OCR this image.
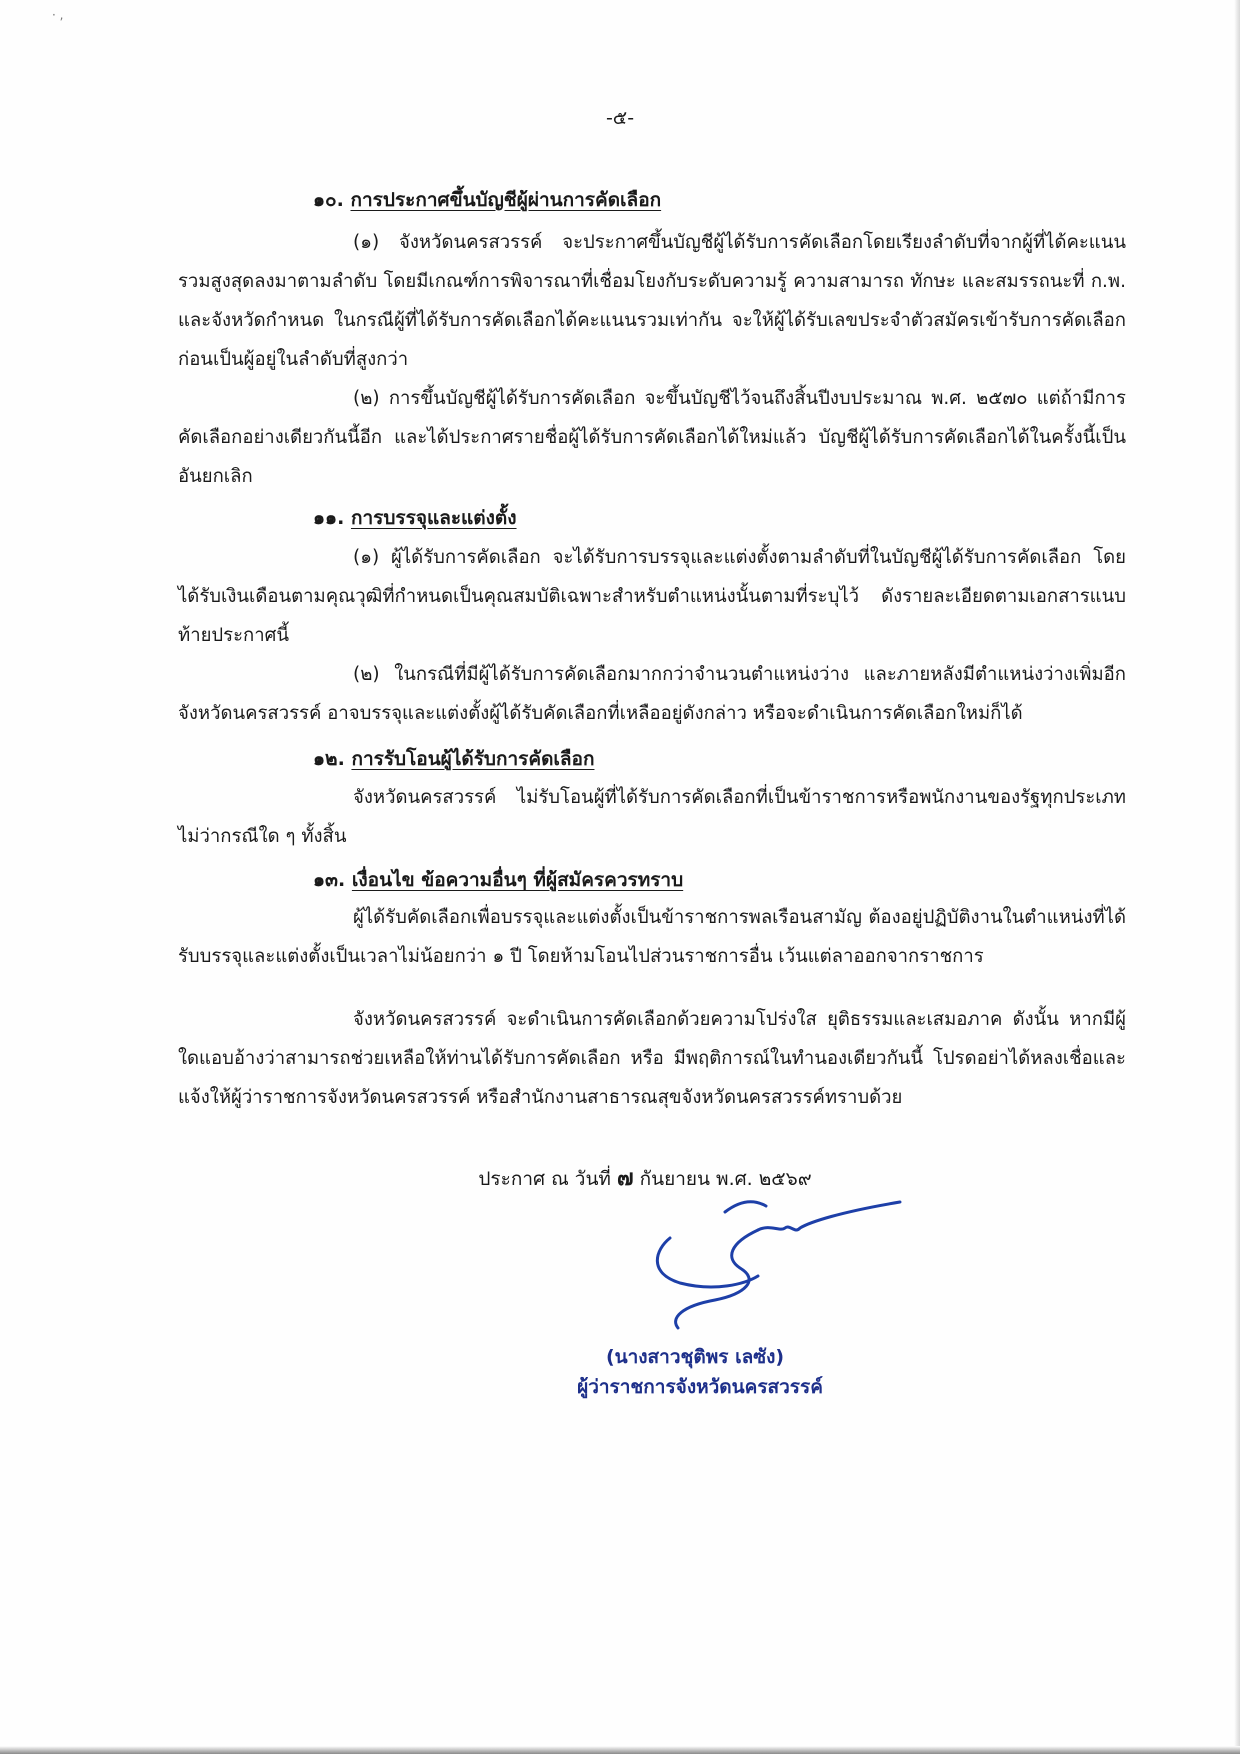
· ,
-๕-
๑๐. การประกาศขึ้นบัญชีผู้ผ่านการคัดเลือก

(๑) จังหวัดนครสวรรค์ จะประกาศขึ้นบัญชีผู้ได้รับการคัดเลือกโดยเรียงลำดับที่จากผู้ที่ได้คะแนนรวมสูงสุดลงมาตามลำดับ โดยมีเกณฑ์การพิจารณาที่เชื่อมโยงกับระดับความรู้ ความสามารถ ทักษะ และสมรรถนะที่ ก.พ. และจังหวัดกำหนด ในกรณีผู้ที่ได้รับการคัดเลือกได้คะแนนรวมเท่ากัน จะให้ผู้ได้รับเลขประจำตัวสมัครเข้ารับการคัดเลือกก่อนเป็นผู้อยู่ในลำดับที่สูงกว่า

(๒) การขึ้นบัญชีผู้ได้รับการคัดเลือก จะขึ้นบัญชีไว้จนถึงสิ้นปีงบประมาณ พ.ศ. ๒๕๗๐ แต่ถ้ามีการคัดเลือกอย่างเดียวกันนี้อีก และได้ประกาศรายชื่อผู้ได้รับการคัดเลือกได้ใหม่แล้ว บัญชีผู้ได้รับการคัดเลือกได้ในครั้งนี้เป็นอันยกเลิก

๑๑. การบรรจุและแต่งตั้ง

(๑) ผู้ได้รับการคัดเลือก จะได้รับการบรรจุและแต่งตั้งตามลำดับที่ในบัญชีผู้ได้รับการคัดเลือก โดยได้รับเงินเดือนตามคุณวุฒิที่กำหนดเป็นคุณสมบัติเฉพาะสำหรับตำแหน่งนั้นตามที่ระบุไว้ ดังรายละเอียดตามเอกสารแนบท้ายประกาศนี้

(๒) ในกรณีที่มีผู้ได้รับการคัดเลือกมากกว่าจำนวนตำแหน่งว่าง และภายหลังมีตำแหน่งว่างเพิ่มอีก จังหวัดนครสวรรค์ อาจบรรจุและแต่งตั้งผู้ได้รับคัดเลือกที่เหลืออยู่ดังกล่าว หรือจะดำเนินการคัดเลือกใหม่ก็ได้

๑๒. การรับโอนผู้ได้รับการคัดเลือก

จังหวัดนครสวรรค์ ไม่รับโอนผู้ที่ได้รับการคัดเลือกที่เป็นข้าราชการหรือพนักงานของรัฐทุกประเภทไม่ว่ากรณีใด ๆ ทั้งสิ้น

๑๓. เงื่อนไข ข้อความอื่นๆ ที่ผู้สมัครควรทราบ

ผู้ได้รับคัดเลือกเพื่อบรรจุและแต่งตั้งเป็นข้าราชการพลเรือนสามัญ ต้องอยู่ปฏิบัติงานในตำแหน่งที่ได้รับบรรจุและแต่งตั้งเป็นเวลาไม่น้อยกว่า ๑ ปี โดยห้ามโอนไปส่วนราชการอื่น เว้นแต่ลาออกจากราชการ

จังหวัดนครสวรรค์ จะดำเนินการคัดเลือกด้วยความโปร่งใส ยุติธรรมและเสมอภาค ดังนั้น หากมีผู้ใดแอบอ้างว่าสามารถช่วยเหลือให้ท่านได้รับการคัดเลือก หรือ มีพฤติการณ์ในทำนองเดียวกันนี้ โปรดอย่าได้หลงเชื่อและแจ้งให้ผู้ว่าราชการจังหวัดนครสวรรค์ หรือสำนักงานสาธารณสุขจังหวัดนครสวรรค์ทราบด้วย

ประกาศ ณ วันที่ ๗ กันยายน พ.ศ. ๒๕๖๙
(นางสาวชุติพร เลซัง)
ผู้ว่าราชการจังหวัดนครสวรรค์
